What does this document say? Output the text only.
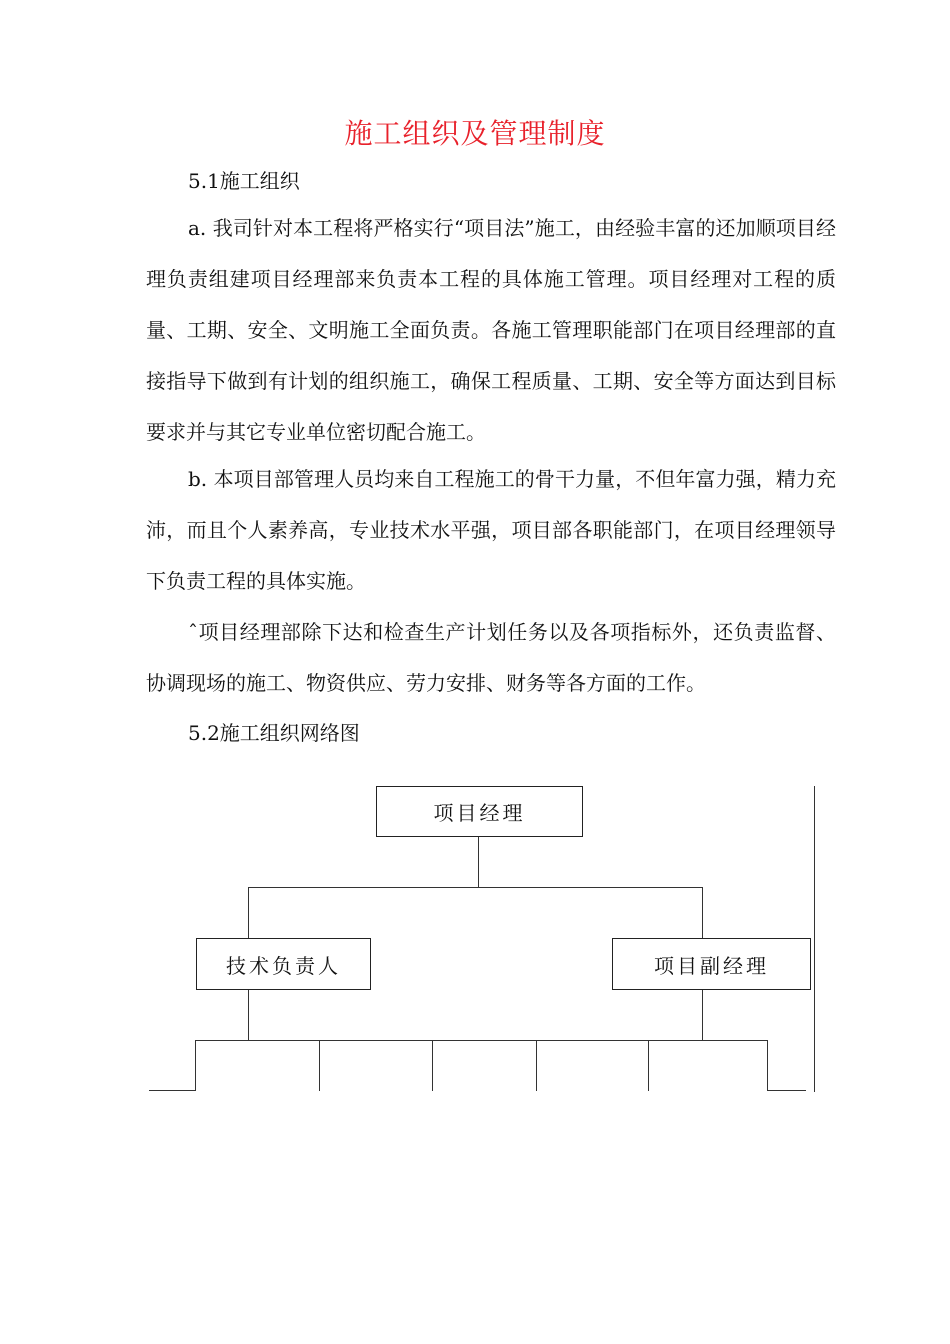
施工组织及管理制度
5.1施工组织
a. 我司针对本工程将严格实行“项目法”施工，由经验丰富的还加顺项目经理负责组建项目经理部来负责本工程的具体施工管理。项目经理对工程的质量、工期、安全、文明施工全面负责。各施工管理职能部门在项目经理部的直接指导下做到有计划的组织施工，确保工程质量、工期、安全等方面达到目标要求并与其它专业单位密切配合施工。
b. 本项目部管理人员均来自工程施工的骨干力量，不但年富力强，精力充沛，而且个人素养高，专业技术水平强，项目部各职能部门，在项目经理领导下负责工程的具体实施。
ˆ项目经理部除下达和检查生产计划任务以及各项指标外，还负责监督、协调现场的施工、物资供应、劳力安排、财务等各方面的工作。
5.2施工组织网络图
项目经理
技术负责人	项目副经理
